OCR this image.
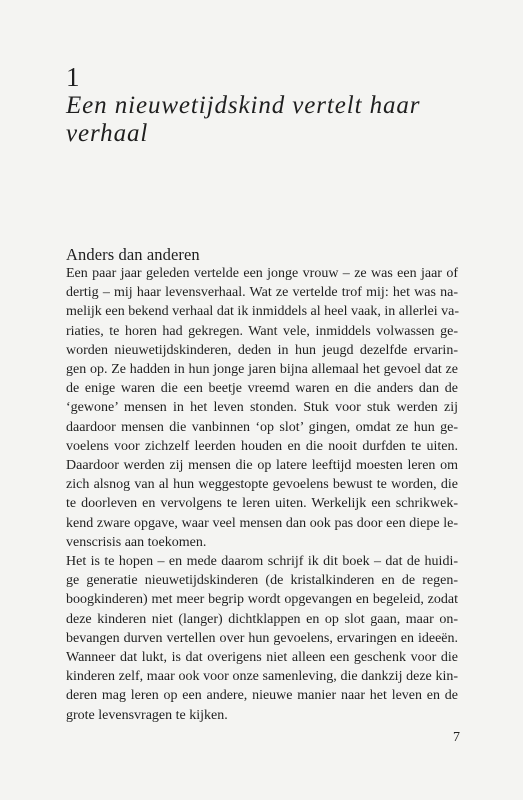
1
Een nieuwetijdskind vertelt haar
verhaal
Anders dan anderen
Een paar jaar geleden vertelde een jonge vrouw – ze was een jaar of
dertig – mij haar levensverhaal. Wat ze vertelde trof mij: het was na-
melijk een bekend verhaal dat ik inmiddels al heel vaak, in allerlei va-
riaties, te horen had gekregen. Want vele, inmiddels volwassen ge-
worden nieuwetijdskinderen, deden in hun jeugd dezelfde ervarin-
gen op. Ze hadden in hun jonge jaren bijna allemaal het gevoel dat ze
de enige waren die een beetje vreemd waren en die anders dan de
‘gewone’ mensen in het leven stonden. Stuk voor stuk werden zij
daardoor mensen die vanbinnen ‘op slot’ gingen, omdat ze hun ge-
voelens voor zichzelf leerden houden en die nooit durfden te uiten.
Daardoor werden zij mensen die op latere leeftijd moesten leren om
zich alsnog van al hun weggestopte gevoelens bewust te worden, die
te doorleven en vervolgens te leren uiten. Werkelijk een schrikwek-
kend zware opgave, waar veel mensen dan ook pas door een diepe le-
venscrisis aan toekomen.
Het is te hopen – en mede daarom schrijf ik dit boek – dat de huidi-
ge generatie nieuwetijdskinderen (de kristalkinderen en de regen-
boogkinderen) met meer begrip wordt opgevangen en begeleid, zodat
deze kinderen niet (langer) dichtklappen en op slot gaan, maar on-
bevangen durven vertellen over hun gevoelens, ervaringen en ideeën.
Wanneer dat lukt, is dat overigens niet alleen een geschenk voor die
kinderen zelf, maar ook voor onze samenleving, die dankzij deze kin-
deren mag leren op een andere, nieuwe manier naar het leven en de
grote levensvragen te kijken.
7
